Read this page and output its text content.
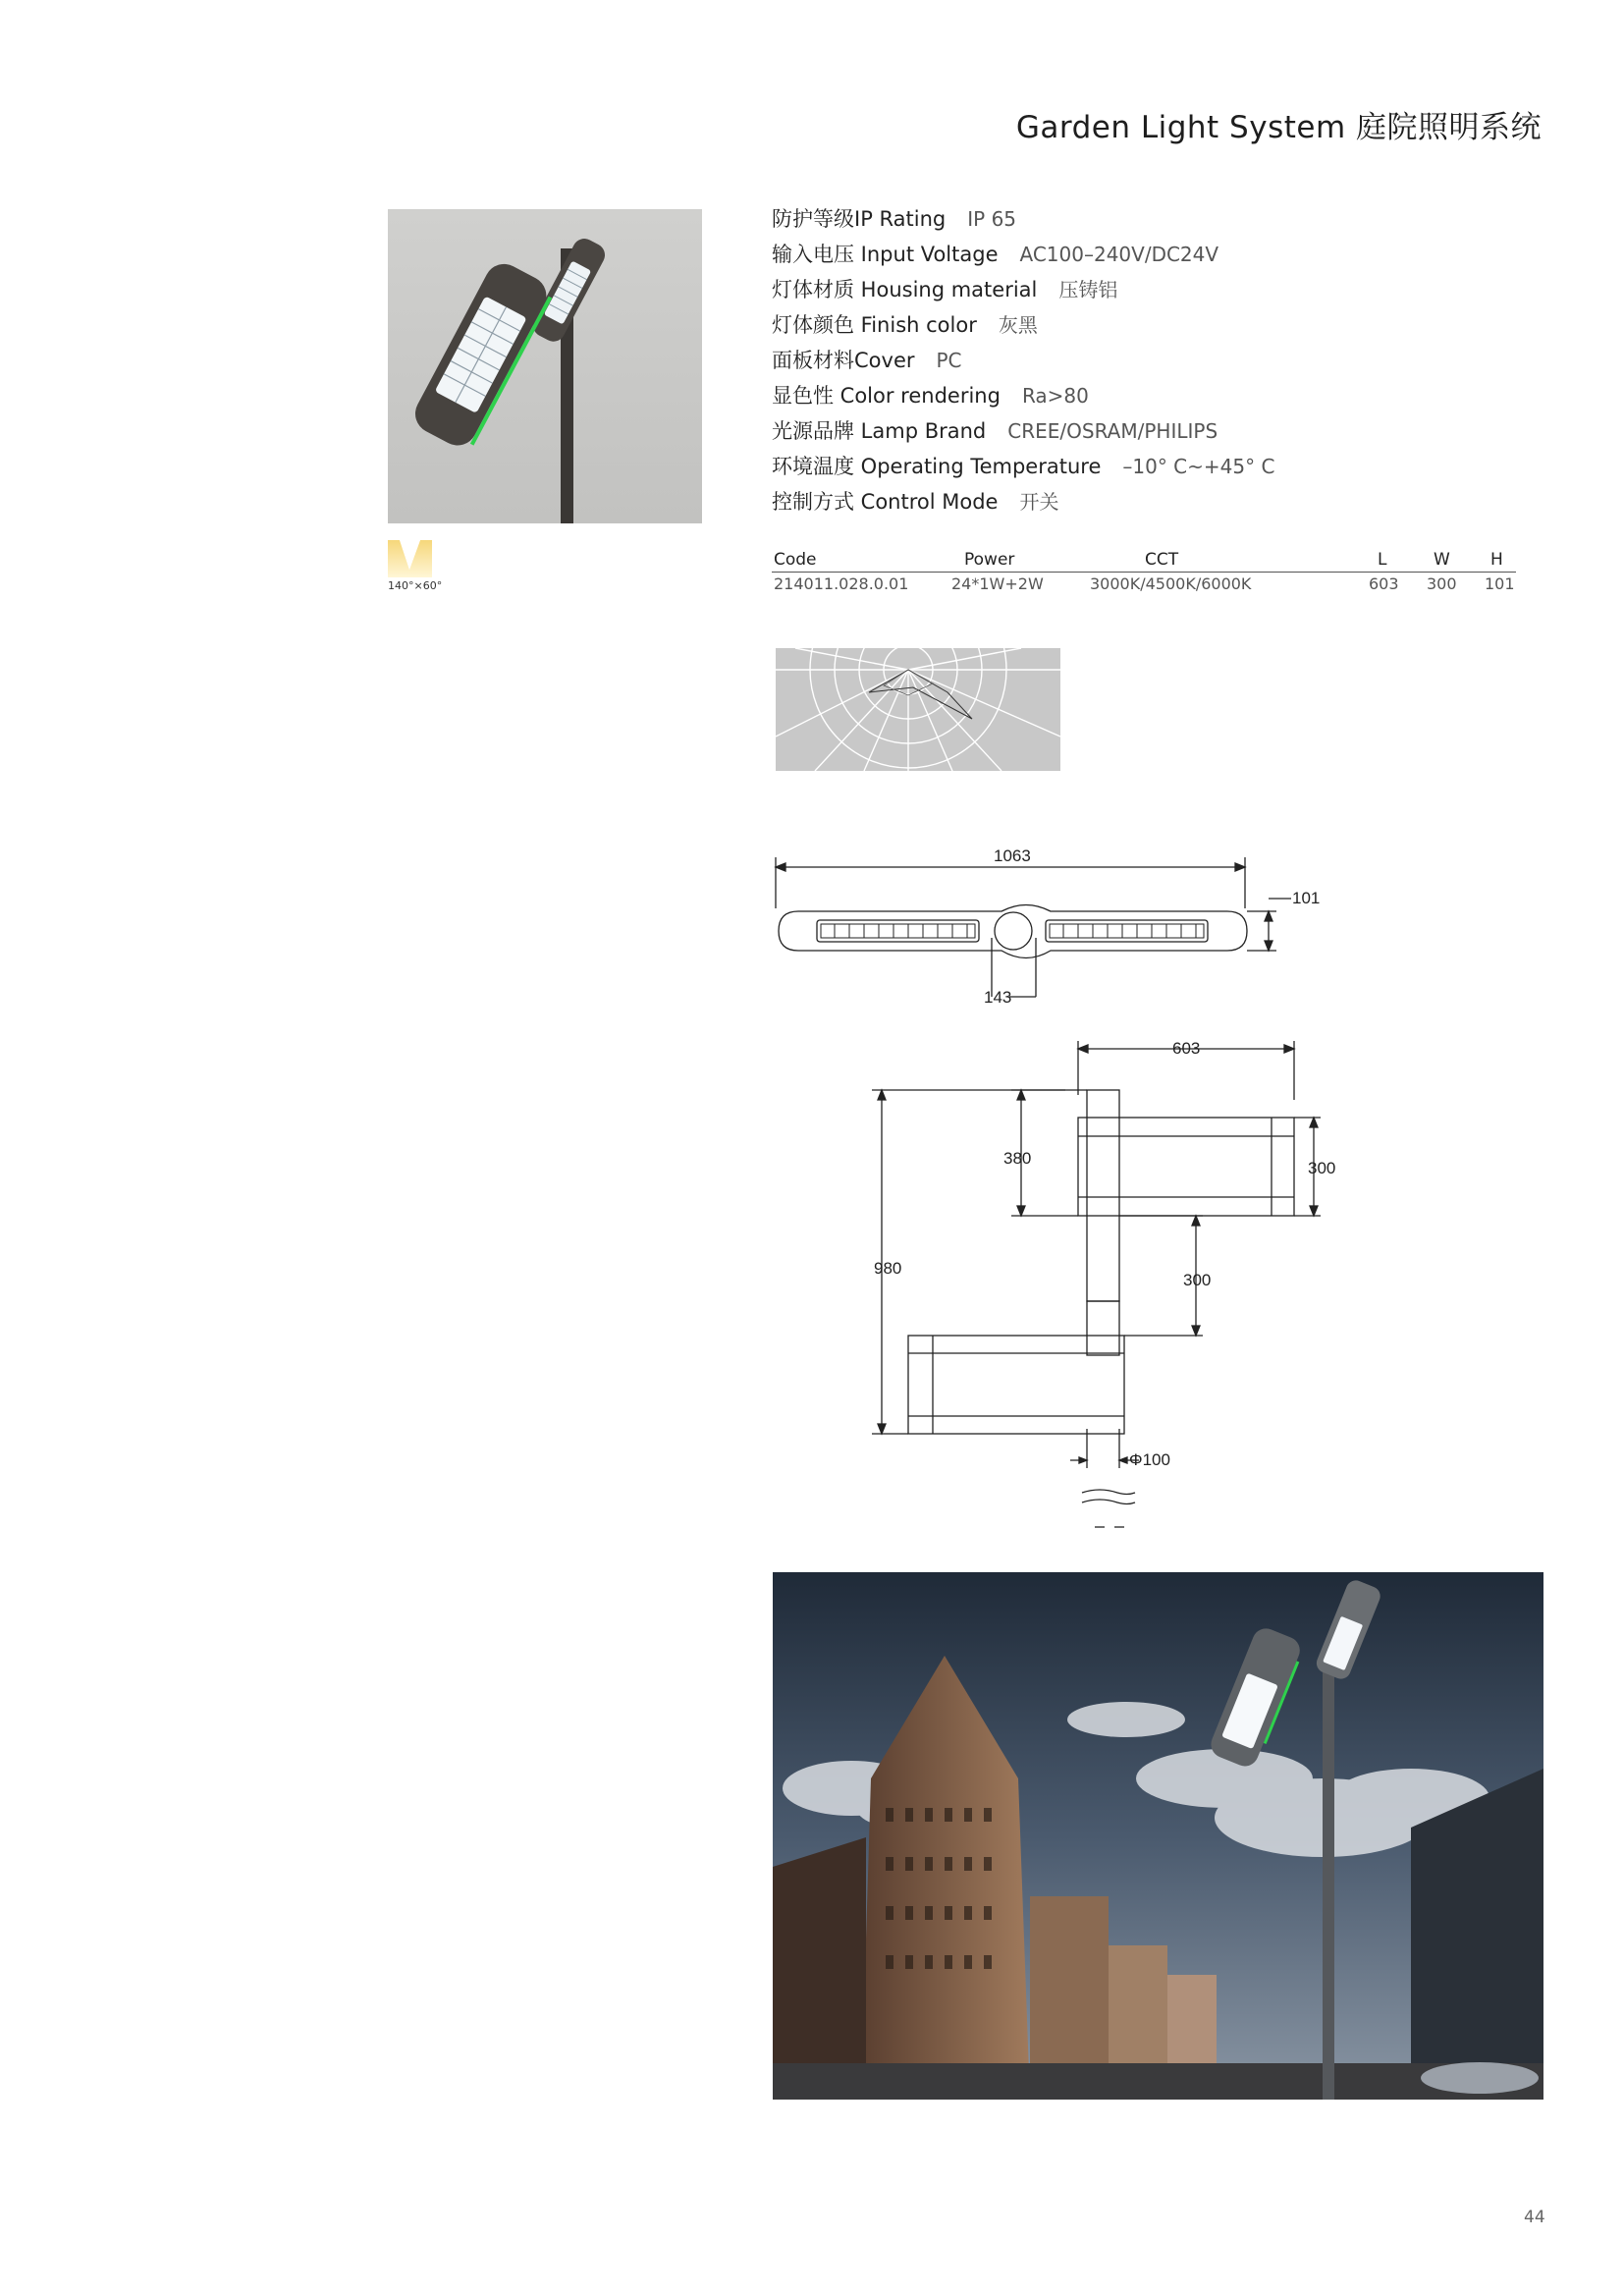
Garden Light System 庭院照明系统
140°×60°
防护等级IP Rating IP 65
输入电压 Input Voltage AC100–240V/DC24V
灯体材质 Housing material 压铸铝
灯体颜色 Finish color 灰黑
面板材料Cover PC
显色性 Color rendering Ra>80
光源品牌 Lamp Brand CREE/OSRAM/PHILIPS
环境温度 Operating Temperature –10° C~+45° C
控制方式 Control Mode 开关
Code	Power	CCT	L	W H
214011.028.0.01	24*1W+2W	3000K/4500K/6000K	603 300 101
1063
101
143
603
380
300
980
300
Φ100
44
